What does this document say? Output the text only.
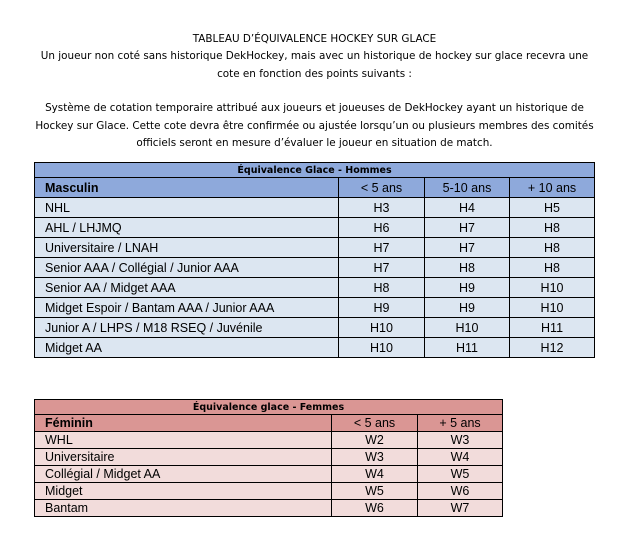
TABLEAU D’ÉQUIVALENCE HOCKEY SUR GLACE

Un joueur non coté sans historique DekHockey, mais avec un historique de hockey sur glace recevra une

cote en fonction des points suivants :

Système de cotation temporaire attribué aux joueurs et joueuses de DekHockey ayant un historique de

Hockey sur Glace. Cette cote devra être confirmée ou ajustée lorsqu’un ou plusieurs membres des comités

officiels seront en mesure d’évaluer le joueur en situation de match.

Équivalence Glace - Hommes			
Masculin	< 5 ans	5-10 ans	+ 10 ans
NHL	H3	H4	H5
AHL / LHJMQ	H6	H7	H8
Universitaire / LNAH	H7	H7	H8
Senior AAA / Collégial / Junior AAA	H7	H8	H8
Senior AA / Midget AAA	H8	H9	H10
Midget Espoir / Bantam AAA / Junior AAA	H9	H9	H10
Junior A / LHPS / M18 RSEQ / Juvénile	H10	H10	H11
Midget AA	H10	H11	H12
Équivalence glace - Femmes		
Féminin	< 5 ans	+ 5 ans
WHL	W2	W3
Universitaire	W3	W4
Collégial / Midget AA	W4	W5
Midget	W5	W6
Bantam	W6	W7
